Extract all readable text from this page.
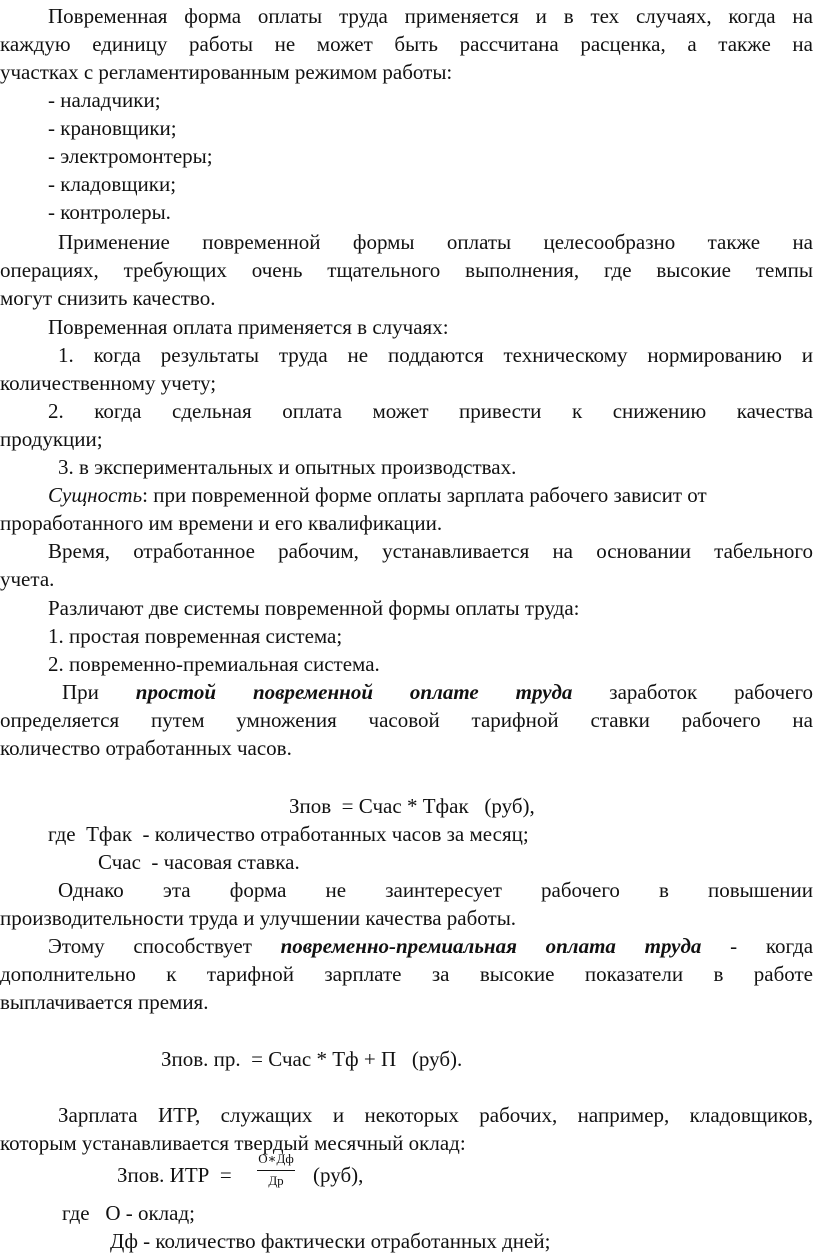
Повременная форма оплаты труда применяется и в тех случаях, когда на
каждую единицу работы не может быть рассчитана расценка, а также на
участках с регламентированным режимом работы:
- наладчики;
- крановщики;
- электромонтеры;
- кладовщики;
- контролеры.
Применение повременной формы оплаты целесообразно также на
операциях, требующих очень тщательного выполнения, где высокие темпы
могут снизить качество.
Повременная оплата применяется в случаях:
1. когда результаты труда не поддаются техническому нормированию и
количественному учету;
2. когда сдельная оплата может привести к снижению качества
продукции;
3. в экспериментальных и опытных производствах.
Сущность: при повременной форме оплаты зарплата рабочего зависит от
проработанного им времени и его квалификации.
Время, отработанное рабочим, устанавливается на основании табельного
учета.
Различают две системы повременной формы оплаты труда:
1. простая повременная система;
2. повременно-премиальная система.
При простой повременной оплате труда заработок рабочего
определяется путем умножения часовой тарифной ставки рабочего на
количество отработанных часов.
Зпов  = Счас * Тфак   (руб),
где  Тфак  - количество отработанных часов за месяц;
Счас  - часовая ставка.
Однако эта форма не заинтересует рабочего в повышении
производительности труда и улучшении качества работы.
Этому способствует повременно-премиальная оплата труда - когда
дополнительно к тарифной зарплате за высокие показатели в работе
выплачивается премия.
Зпов. пр.  = Счас * Тф + П   (руб).
Зарплата ИТР, служащих и некоторых рабочих, например, кладовщиков,
которым устанавливается твердый месячный оклад:
Зпов. ИТР  =
О∗Дф
Др	(руб),
где   О - оклад;
Дф - количество фактически отработанных дней;
